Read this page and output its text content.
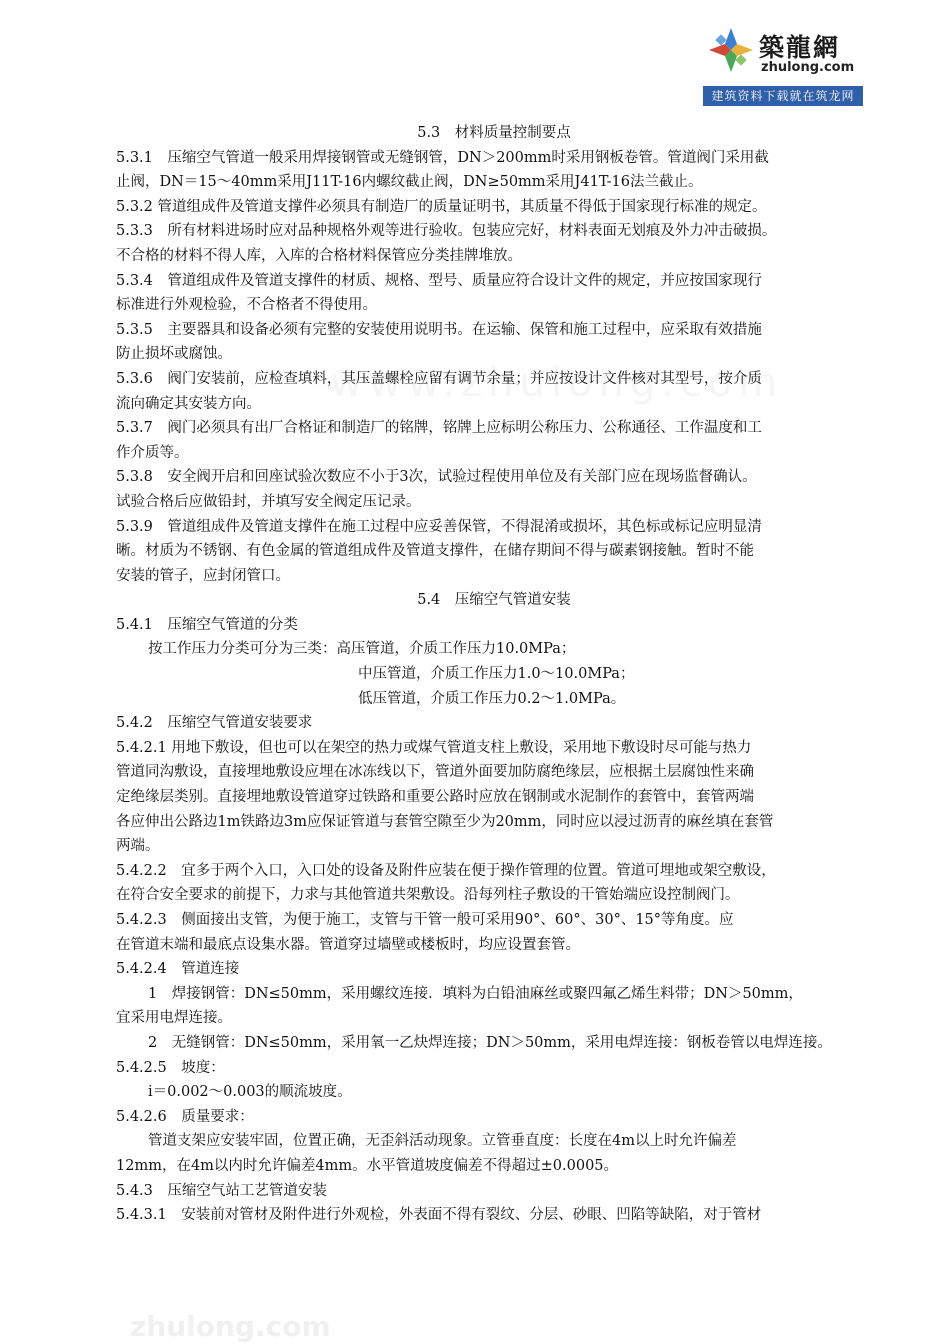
築龍網
zhulong.com
建筑资料下载就在筑龙网

5.3　材料质量控制要点

5.3.1　压缩空气管道一般采用焊接钢管或无缝钢管，DN＞200mm时采用钢板卷管。管道阀门采用截

止阀，DN＝15～40mm采用J11T-16内螺纹截止阀，DN≥50mm采用J41T-16法兰截止。

5.3.2 管道组成件及管道支撑件必须具有制造厂的质量证明书，其质量不得低于国家现行标准的规定。

5.3.3　所有材料进场时应对品种规格外观等进行验收。包装应完好，材料表面无划痕及外力冲击破损。

不合格的材料不得人库，入库的合格材料保管应分类挂牌堆放。

5.3.4　管道组成件及管道支撑件的材质、规格、型号、质量应符合设计文件的规定，并应按国家现行

标准进行外观检验，不合格者不得使用。

5.3.5　主要器具和设备必须有完整的安装使用说明书。在运输、保管和施工过程中，应采取有效措施

防止损坏或腐蚀。

5.3.6　阀门安装前，应检查填料，其压盖螺栓应留有调节余量；并应按设计文件核对其型号，按介质

流向确定其安装方向。

5.3.7　阀门必须具有出厂合格证和制造厂的铭牌，铭牌上应标明公称压力、公称通径、工作温度和工

作介质等。

5.3.8　安全阀开启和回座试验次数应不小于3次，试验过程使用单位及有关部门应在现场监督确认。

试验合格后应做铅封，并填写安全阀定压记录。

5.3.9　管道组成件及管道支撑件在施工过程中应妥善保管，不得混淆或损坏，其色标或标记应明显清

晰。材质为不锈钢、有色金属的管道组成件及管道支撑件，在储存期间不得与碳素钢接触。暂时不能

安装的管子，应封闭管口。

5.4　压缩空气管道安装

5.4.1　压缩空气管道的分类

按工作压力分类可分为三类：高压管道，介质工作压力10.0MPa；

中压管道，介质工作压力1.0～10.0MPa；

低压管道，介质工作压力0.2～1.0MPa。

5.4.2　压缩空气管道安装要求

5.4.2.1 用地下敷设，但也可以在架空的热力或煤气管道支柱上敷设，采用地下敷设时尽可能与热力

管道同沟敷设，直接埋地敷设应埋在冰冻线以下，管道外面要加防腐绝缘层，应根据土层腐蚀性来确

定绝缘层类别。直接埋地敷设管道穿过铁路和重要公路时应放在钢制或水泥制作的套管中，套管两端

各应伸出公路边1m铁路边3m应保证管道与套管空隙至少为20mm，同时应以浸过沥青的麻丝填在套管

两端。

5.4.2.2　宜多于两个入口，入口处的设备及附件应装在便于操作管理的位置。管道可埋地或架空敷设，

在符合安全要求的前提下，力求与其他管道共架敷设。沿每列柱子敷设的干管始端应设控制阀门。

5.4.2.3　侧面接出支管，为便于施工，支管与干管一般可采用90°、60°、30°、15°等角度。应

在管道末端和最底点设集水器。管道穿过墙壁或楼板时，均应设置套管。

5.4.2.4　管道连接

1　焊接钢管：DN≤50mm，采用螺纹连接．填料为白铅油麻丝或聚四氟乙烯生料带；DN＞50mm，

宜采用电焊连接。

2　无缝钢管：DN≤50mm，采用氧一乙炔焊连接；DN＞50mm，采用电焊连接：钢板卷管以电焊连接。

5.4.2.5　坡度：

i＝0.002～0.003的顺流坡度。

5.4.2.6　质量要求：

管道支架应安装牢固，位置正确，无歪斜活动现象。立管垂直度：长度在4m以上时允许偏差

12mm，在4m以内时允许偏差4mm。水平管道坡度偏差不得超过±0.0005。

5.4.3　压缩空气站工艺管道安装

5.4.3.1　安装前对管材及附件进行外观检，外表面不得有裂纹、分层、砂眼、凹陷等缺陷，对于管材

zhulong.com
